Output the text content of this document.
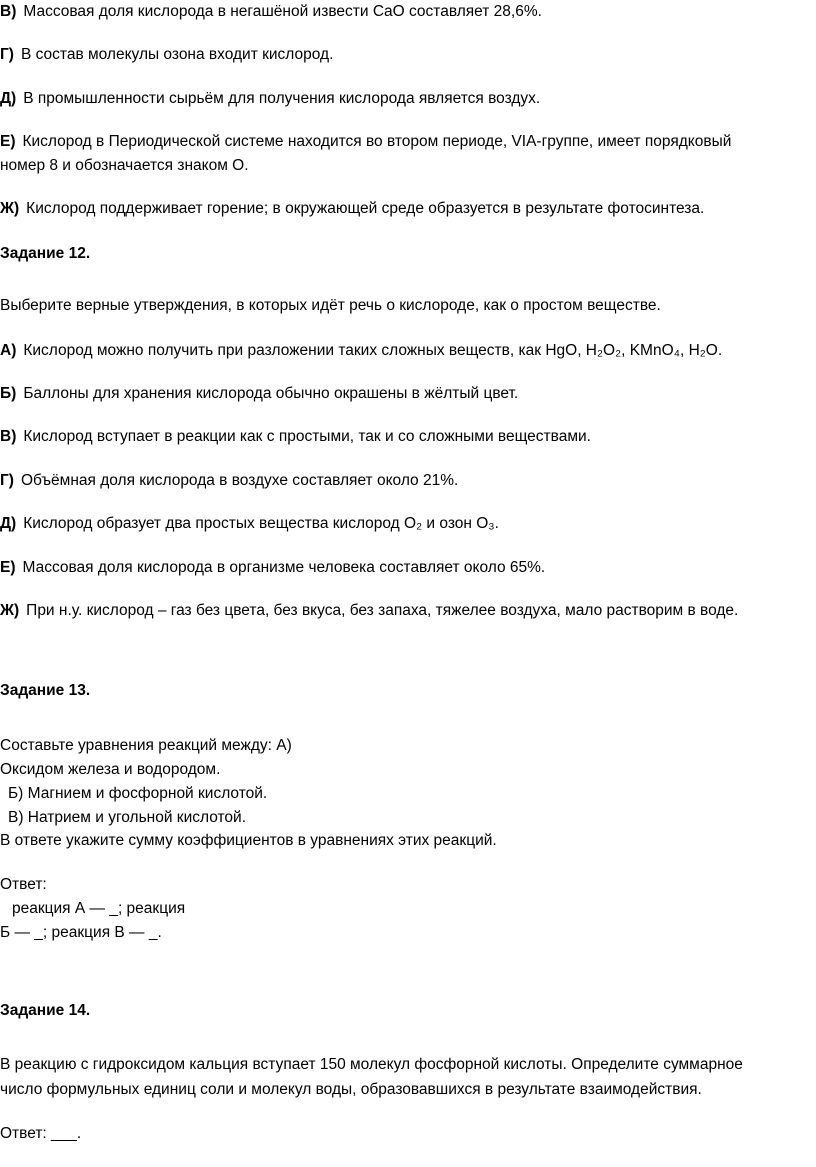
В) Массовая доля кислорода в негашёной извести CaO составляет 28,6%.
Г) В состав молекулы озона входит кислород.
Д) В промышленности сырьём для получения кислорода является воздух.
Е) Кислород в Периодической системе находится во втором периоде, VIA-группе, имеет порядковый
номер 8 и обозначается знаком O.
Ж) Кислород поддерживает горение; в окружающей среде образуется в результате фотосинтеза.
Задание 12.
Выберите верные утверждения, в которых идёт речь о кислороде, как о простом веществе.
А) Кислород можно получить при разложении таких сложных веществ, как HgO, H₂O₂, KMnO₄, H₂O.
Б) Баллоны для хранения кислорода обычно окрашены в жёлтый цвет.
В) Кислород вступает в реакции как с простыми, так и со сложными веществами.
Г) Объёмная доля кислорода в воздухе составляет около 21%.
Д) Кислород образует два простых вещества кислород O₂ и озон O₃.
Е) Массовая доля кислорода в организме человека составляет около 65%.
Ж) При н.у. кислород – газ без цвета, без вкуса, без запаха, тяжелее воздуха, мало растворим в воде.
Задание 13.
Составьте уравнения реакций между: А)
Оксидом железа и водородом.
Б) Магнием и фосфорной кислотой.
В) Натрием и угольной кислотой.
В ответе укажите сумму коэффициентов в уравнениях этих реакций.
Ответ:
реакция А — _; реакция
Б — _; реакция В — _.
Задание 14.
В реакцию с гидроксидом кальция вступает 150 молекул фосфорной кислоты. Определите суммарное
число формульных единиц соли и молекул воды, образовавшихся в результате взаимодействия.
Ответ: ___.
